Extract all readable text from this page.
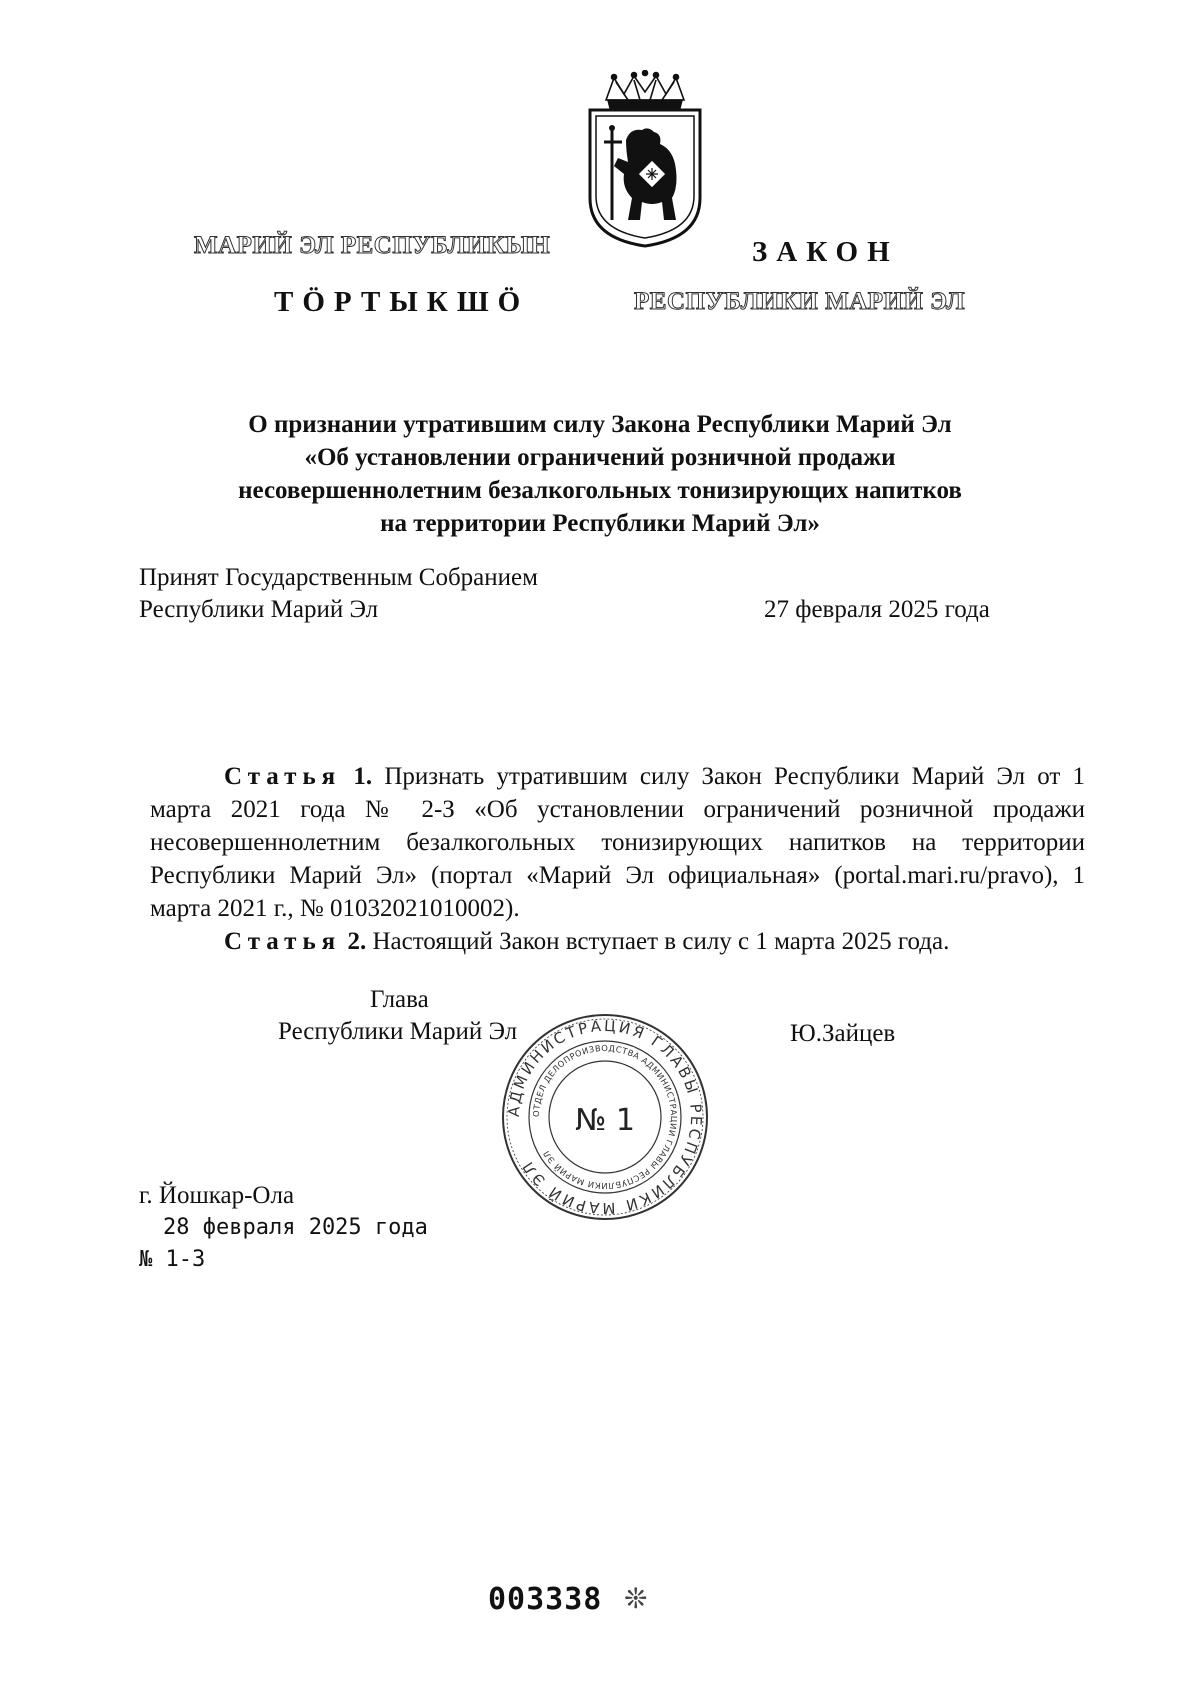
МАРИЙ ЭЛ РЕСПУБЛИКЫН
ТӦРТЫКШӦ
ЗАКОН
РЕСПУБЛИКИ МАРИЙ ЭЛ
О признании утратившим силу Закона Республики Марий Эл
«Об установлении ограничений розничной продажи
несовершеннолетним безалкогольных тонизирующих напитков
на территории Республики Марий Эл»
Принят Государственным Собранием
Республики Марий Эл	27 февраля 2025 года

Статья 1. Признать утратившим силу Закон Республики Марий Эл от 1 марта 2021 года № 2-З «Об установлении ограничений розничной продажи несовершеннолетним безалкогольных тонизирующих напитков на территории Республики Марий Эл» (портал «Марий Эл официальная» (portal.mari.ru/pravo), 1 марта 2021 г., № 01032021010002).

Статья 2. Настоящий Закон вступает в силу с 1 марта 2025 года.

Глава
Республики Марий Эл	Ю.Зайцев
АДМИНИСТРАЦИЯ ГЛАВЫ РЕСПУБЛИКИ МАРИЙ ЭЛ
ОТДЕЛ ДЕЛОПРОИЗВОДСТВА АДМИНИСТРАЦИИ ГЛАВЫ РЕСПУБЛИКИ МАРИЙ ЭЛ
№ 1
г. Йошкар-Ола
28 февраля 2025 года
№ 1-З
003338 ❊
